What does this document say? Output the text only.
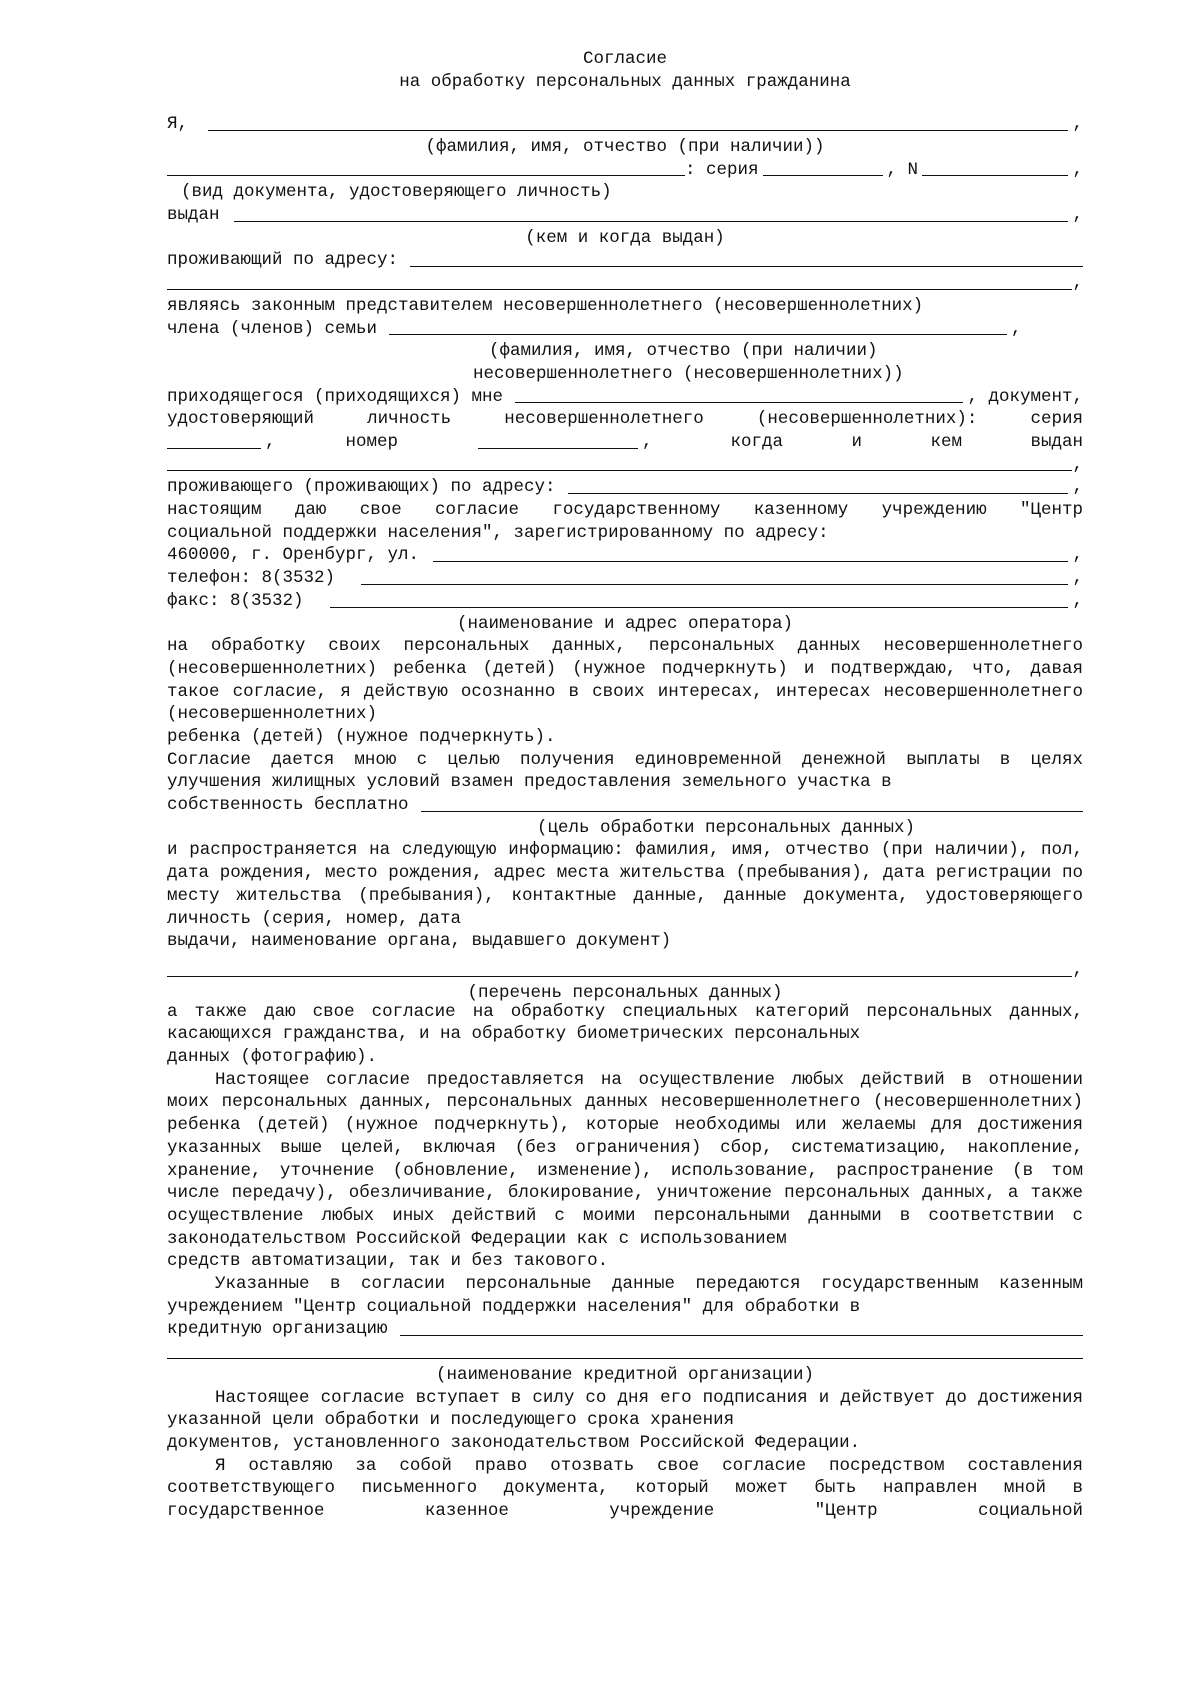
Согласие
на обработку персональных данных гражданина
Я,	,
(фамилия, имя, отчество (при наличии))
: серия	, N	,
(вид документа, удостоверяющего личность)
выдан	,
(кем и когда выдан)
проживающий по адресу:
,
являясь законным представителем несовершеннолетнего (несовершеннолетних)
члена (членов) семьи	,
(фамилия, имя, отчество (при наличии)
несовершеннолетнего (несовершеннолетних))
приходящегося (приходящихся) мне	, документ,
удостоверяющий личность несовершеннолетнего (несовершеннолетних): серия
,	номер	,	когда	и	кем	выдан
,
проживающего (проживающих) по адресу:	,
настоящим даю свое согласие государственному казенному учреждению "Центр
социальной поддержки населения", зарегистрированному по адресу:
460000, г. Оренбург, ул.	,
телефон: 8(3532)	,
факс: 8(3532)	,
(наименование и адрес оператора)
на обработку своих персональных данных, персональных данных несовершеннолетнего (несовершеннолетних) ребенка (детей) (нужное подчеркнуть) и подтверждаю, что, давая такое согласие, я действую осознанно в своих интересах, интересах несовершеннолетнего (несовершеннолетних)
ребенка (детей) (нужное подчеркнуть).
Согласие дается мною с целью получения единовременной денежной выплаты в целях улучшения жилищных условий взамен предоставления земельного участка в
собственность бесплатно
(цель обработки персональных данных)
и распространяется на следующую информацию: фамилия, имя, отчество (при наличии), пол, дата рождения, место рождения, адрес места жительства (пребывания), дата регистрации по месту жительства (пребывания), контактные данные, данные документа, удостоверяющего личность (серия, номер, дата
выдачи, наименование органа, выдавшего документ)
,
(перечень персональных данных)
а также даю свое согласие на обработку специальных категорий персональных данных, касающихся гражданства, и на обработку биометрических персональных
данных (фотографию).
Настоящее согласие предоставляется на осуществление любых действий в отношении моих персональных данных, персональных данных несовершеннолетнего (несовершеннолетних) ребенка (детей) (нужное подчеркнуть), которые необходимы или желаемы для достижения указанных выше целей, включая (без ограничения) сбор, систематизацию, накопление, хранение, уточнение (обновление, изменение), использование, распространение (в том числе передачу), обезличивание, блокирование, уничтожение персональных данных, а также осуществление любых иных действий с моими персональными данными в соответствии с законодательством Российской Федерации как с использованием
средств автоматизации, так и без такового.
Указанные в согласии персональные данные передаются государственным казенным учреждением "Центр социальной поддержки населения" для обработки в
кредитную организацию
(наименование кредитной организации)
Настоящее согласие вступает в силу со дня его подписания и действует до достижения указанной цели обработки и последующего срока хранения
документов, установленного законодательством Российской Федерации.
Я оставляю за собой право отозвать свое согласие посредством составления соответствующего письменного документа, который может быть направлен мной в государственное казенное учреждение "Центр социальной
